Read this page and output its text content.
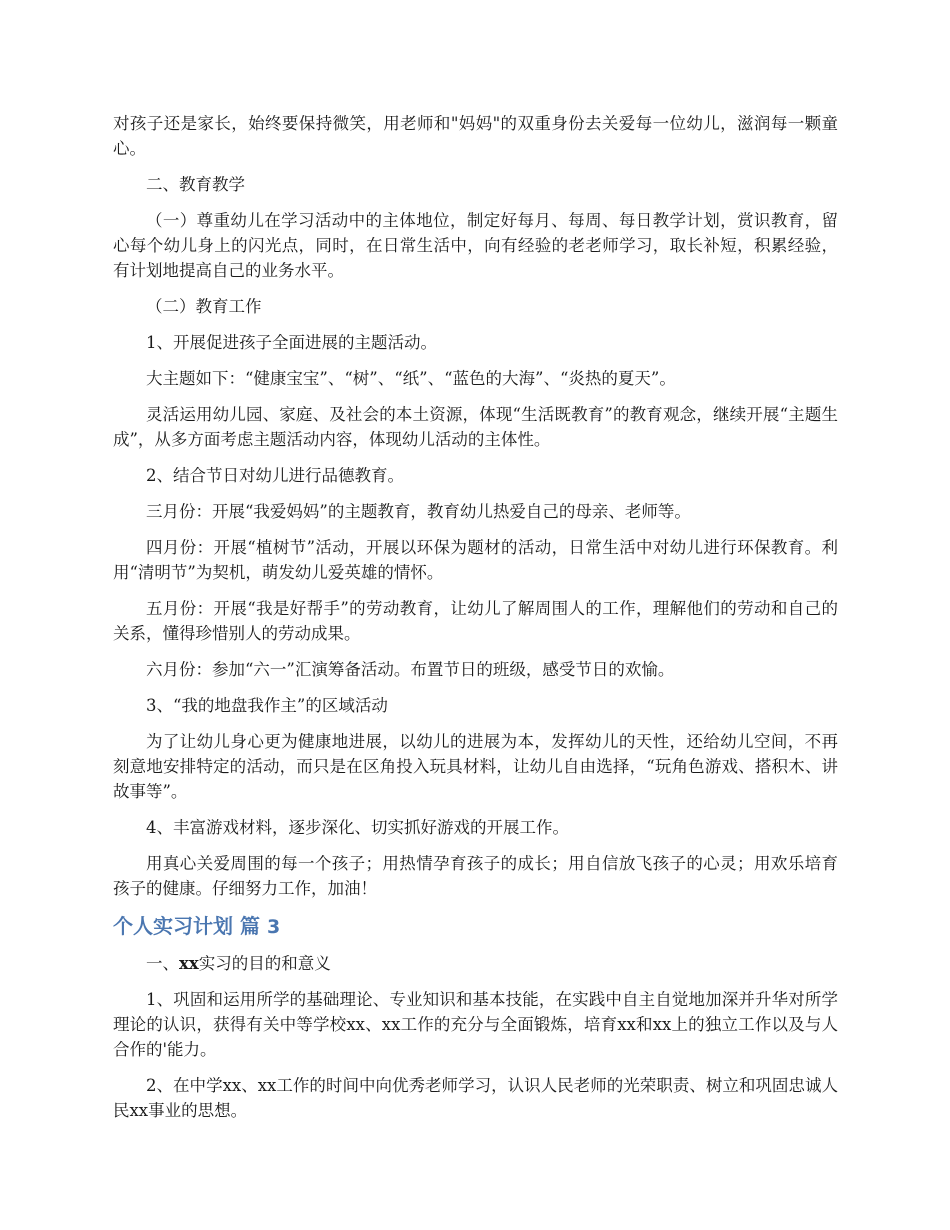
对孩子还是家长，始终要保持微笑，用老师和"妈妈"的双重身份去关爱每一位幼儿，滋润每一颗童心。

二、教育教学

（一）尊重幼儿在学习活动中的主体地位，制定好每月、每周、每日教学计划，赏识教育，留心每个幼儿身上的闪光点，同时，在日常生活中，向有经验的老老师学习，取长补短，积累经验，有计划地提高自己的业务水平。

（二）教育工作

1、开展促进孩子全面进展的主题活动。

大主题如下：“健康宝宝”、“树”、“纸”、“蓝色的大海”、“炎热的夏天”。

灵活运用幼儿园、家庭、及社会的本土资源，体现“生活既教育”的教育观念，继续开展“主题生成”，从多方面考虑主题活动内容，体现幼儿活动的主体性。

2、结合节日对幼儿进行品德教育。

三月份：开展“我爱妈妈”的主题教育，教育幼儿热爱自己的母亲、老师等。

四月份：开展“植树节”活动，开展以环保为题材的活动，日常生活中对幼儿进行环保教育。利用“清明节”为契机，萌发幼儿爱英雄的情怀。

五月份：开展“我是好帮手”的劳动教育，让幼儿了解周围人的工作，理解他们的劳动和自己的关系，懂得珍惜别人的劳动成果。

六月份：参加“六一”汇演筹备活动。布置节日的班级，感受节日的欢愉。

3、“我的地盘我作主”的区域活动

为了让幼儿身心更为健康地进展，以幼儿的进展为本，发挥幼儿的天性，还给幼儿空间，不再刻意地安排特定的活动，而只是在区角投入玩具材料，让幼儿自由选择，“玩角色游戏、搭积木、讲故事等”。

4、丰富游戏材料，逐步深化、切实抓好游戏的开展工作。

用真心关爱周围的每一个孩子；用热情孕育孩子的成长；用自信放飞孩子的心灵；用欢乐培育孩子的健康。仔细努力工作，加油！

个人实习计划 篇 3

一、xx实习的目的和意义

1、巩固和运用所学的基础理论、专业知识和基本技能，在实践中自主自觉地加深并升华对所学理论的认识，获得有关中等学校xx、xx工作的充分与全面锻炼，培育xx和xx上的独立工作以及与人合作的'能力。

2、在中学xx、xx工作的时间中向优秀老师学习，认识人民老师的光荣职责、树立和巩固忠诚人民xx事业的思想。
